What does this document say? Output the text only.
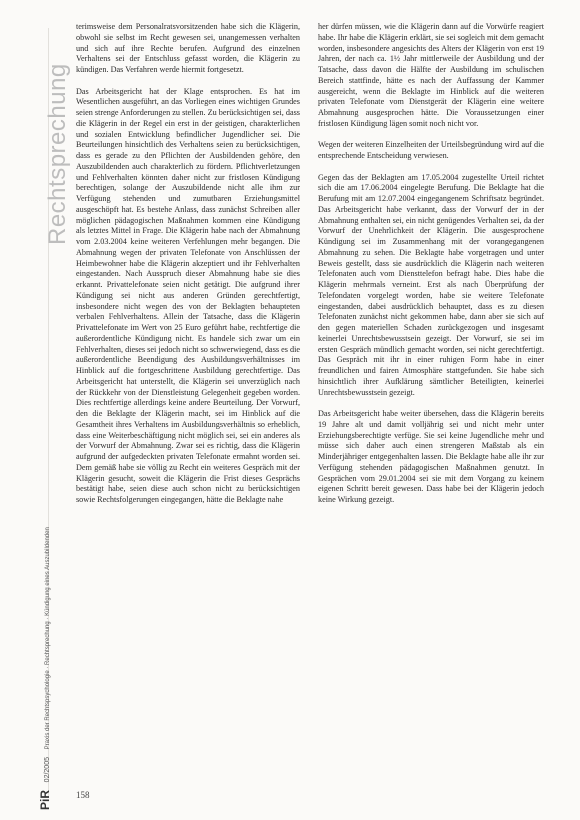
Rechtsprechung
PiR 02/2005 Praxis der Rechtspsychologie · Rechtsprechung · Kündigung eines Auszubildenden

terimsweise dem Personalratsvorsitzenden habe sich die Klägerin, obwohl sie selbst im Recht gewesen sei, unangemessen verhalten und sich auf ihre Rechte berufen. Aufgrund des einzelnen Verhaltens sei der Entschluss gefasst worden, die Klägerin zu kündigen. Das Verfahren werde hiermit fortgesetzt.

Das Arbeitsgericht hat der Klage entsprochen. Es hat im Wesentlichen ausgeführt, an das Vorliegen eines wichtigen Grundes seien strenge Anforderungen zu stellen. Zu berücksichtigen sei, dass die Klägerin in der Regel ein erst in der geistigen, charakterlichen und sozialen Entwicklung befindlicher Jugendlicher sei. Die Beurteilungen hinsichtlich des Verhaltens seien zu berücksichtigen, dass es gerade zu den Pflichten der Ausbildenden gehöre, den Auszubildenden auch charakterlich zu fördern. Pflichtverletzungen und Fehlverhalten könnten daher nicht zur fristlosen Kündigung berechtigen, solange der Auszubildende nicht alle ihm zur Verfügung stehenden und zumutbaren Erziehungsmittel ausgeschöpft hat. Es bestehe Anlass, dass zunächst Schreiben aller möglichen pädagogischen Maßnahmen kommen eine Kündigung als letztes Mittel in Frage. Die Klägerin habe nach der Abmahnung vom 2.03.2004 keine weiteren Verfehlungen mehr begangen. Die Abmahnung wegen der privaten Telefonate von Anschlüssen der Heimbewohner habe die Klägerin akzeptiert und ihr Fehlverhalten eingestanden. Nach Ausspruch dieser Abmahnung habe sie dies erkannt. Privattelefonate seien nicht getätigt. Die aufgrund ihrer Kündigung sei nicht aus anderen Gründen gerechtfertigt, insbesondere nicht wegen des von der Beklagten behaupteten verbalen Fehlverhaltens. Allein der Tatsache, dass die Klägerin Privattelefonate im Wert von 25 Euro geführt habe, rechtfertige die außerordentliche Kündigung nicht. Es handele sich zwar um ein Fehlverhalten, dieses sei jedoch nicht so schwerwiegend, dass es die außerordentliche Beendigung des Ausbildungsverhältnisses im Hinblick auf die fortgeschrittene Ausbildung gerechtfertige. Das Arbeitsgericht hat unterstellt, die Klägerin sei unverzüglich nach der Rückkehr von der Dienstleistung Gelegenheit gegeben worden. Dies rechtfertige allerdings keine andere Beurteilung. Der Vorwurf, den die Beklagte der Klägerin macht, sei im Hinblick auf die Gesamtheit ihres Verhaltens im Ausbildungsverhältnis so erheblich, dass eine Weiterbeschäftigung nicht möglich sei, sei ein anderes als der Vorwurf der Abmahnung. Zwar sei es richtig, dass die Klägerin aufgrund der aufgedeckten privaten Telefonate ermahnt worden sei. Dem gemäß habe sie völlig zu Recht ein weiteres Gespräch mit der Klägerin gesucht, soweit die Klägerin die Frist dieses Gesprächs bestätigt habe, seien diese auch schon nicht zu berücksichtigen sowie Rechtsfolgerungen eingegangen, hätte die Beklagte nahe

her dürfen müssen, wie die Klägerin dann auf die Vorwürfe reagiert habe. Ihr habe die Klägerin erklärt, sie sei sogleich mit dem gemacht worden, insbesondere angesichts des Alters der Klägerin von erst 19 Jahren, der nach ca. 1½ Jahr mittlerweile der Ausbildung und der Tatsache, dass davon die Hälfte der Ausbildung im schulischen Bereich stattfinde, hätte es nach der Auffassung der Kammer ausgereicht, wenn die Beklagte im Hinblick auf die weiteren privaten Telefonate vom Dienstgerät der Klägerin eine weitere Abmahnung ausgesprochen hätte. Die Voraussetzungen einer fristlosen Kündigung lägen somit noch nicht vor.

Wegen der weiteren Einzelheiten der Urteilsbegründung wird auf die entsprechende Entscheidung verwiesen.

Gegen das der Beklagten am 17.05.2004 zugestellte Urteil richtet sich die am 17.06.2004 eingelegte Berufung. Die Beklagte hat die Berufung mit am 12.07.2004 eingegangenem Schriftsatz begründet. Das Arbeitsgericht habe verkannt, dass der Vorwurf der in der Abmahnung enthalten sei, ein nicht genügendes Verhalten sei, da der Vorwurf der Unehrlichkeit der Klägerin. Die ausgesprochene Kündigung sei im Zusammenhang mit der vorangegangenen Abmahnung zu sehen. Die Beklagte habe vorgetragen und unter Beweis gestellt, dass sie ausdrücklich die Klägerin nach weiteren Telefonaten auch vom Diensttelefon befragt habe. Dies habe die Klägerin mehrmals verneint. Erst als nach Überprüfung der Telefondaten vorgelegt worden, habe sie weitere Telefonate eingestanden, dabei ausdrücklich behauptet, dass es zu diesen Telefonaten zunächst nicht gekommen habe, dann aber sie sich auf den gegen materiellen Schaden zurückgezogen und insgesamt keinerlei Unrechtsbewusstsein gezeigt. Der Vorwurf, sie sei im ersten Gespräch mündlich gemacht worden, sei nicht gerechtfertigt. Das Gespräch mit ihr in einer ruhigen Form habe in einer freundlichen und fairen Atmosphäre stattgefunden. Sie habe sich hinsichtlich ihrer Aufklärung sämtlicher Beteiligten, keinerlei Unrechtsbewusstsein gezeigt.

Das Arbeitsgericht habe weiter übersehen, dass die Klägerin bereits 19 Jahre alt und damit volljährig sei und nicht mehr unter Erziehungsberechtigte verfüge. Sie sei keine Jugendliche mehr und müsse sich daher auch einen strengeren Maßstab als ein Minderjähriger entgegenhalten lassen. Die Beklagte habe alle ihr zur Verfügung stehenden pädagogischen Maßnahmen genutzt. In Gesprächen vom 29.01.2004 sei sie mit dem Vorgang zu keinem eigenen Schritt bereit gewesen. Dass habe bei der Klägerin jedoch keine Wirkung gezeigt.

158
